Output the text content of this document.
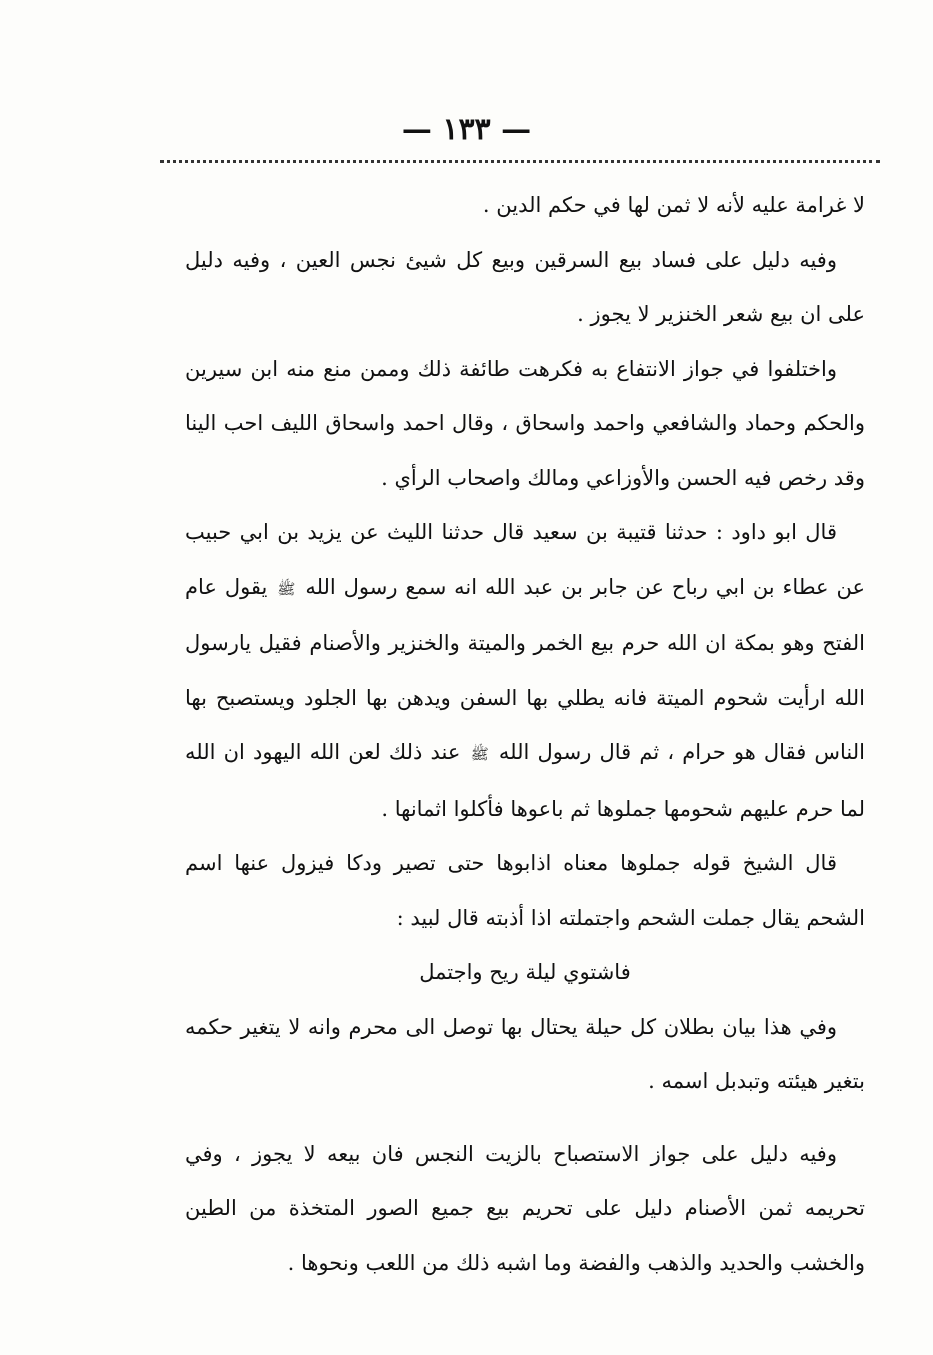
— ١٣٣ —

لا غرامة عليه لأنه لا ثمن لها في حكم الدين .

وفيه دليل على فساد بيع السرقين وبيع كل شيئ نجس العين ، وفيه دليل على ان بيع شعر الخنزير لا يجوز .

واختلفوا في جواز الانتفاع به فكرهت طائفة ذلك وممن منع منه ابن سيرين والحكم وحماد والشافعي واحمد واسحاق ، وقال احمد واسحاق الليف احب الينا وقد رخص فيه الحسن والأوزاعي ومالك واصحاب الرأي .

قال ابو داود : حدثنا قتيبة بن سعيد قال حدثنا الليث عن يزيد بن ابي حبيب عن عطاء بن ابي رباح عن جابر بن عبد الله انه سمع رسول الله ﷺ يقول عام الفتح وهو بمكة ان الله حرم بيع الخمر والميتة والخنزير والأصنام فقيل يارسول الله ارأيت شحوم الميتة فانه يطلي بها السفن ويدهن بها الجلود ويستصبح بها الناس فقال هو حرام ، ثم قال رسول الله ﷺ عند ذلك لعن الله اليهود ان الله لما حرم عليهم شحومها جملوها ثم باعوها فأكلوا اثمانها .

قال الشيخ قوله جملوها معناه اذابوها حتى تصير ودكا فيزول عنها اسم الشحم يقال جملت الشحم واجتملته اذا أذبته قال لبيد :

فاشتوي ليلة ريح واجتمل

وفي هذا بيان بطلان كل حيلة يحتال بها توصل الى محرم وانه لا يتغير حكمه بتغير هيئته وتبدبل اسمه .

وفيه دليل على جواز الاستصباح بالزيت النجس فان بيعه لا يجوز ، وفي تحريمه ثمن الأصنام دليل على تحريم بيع جميع الصور المتخذة من الطين والخشب والحديد والذهب والفضة وما اشبه ذلك من اللعب ونحوها .
